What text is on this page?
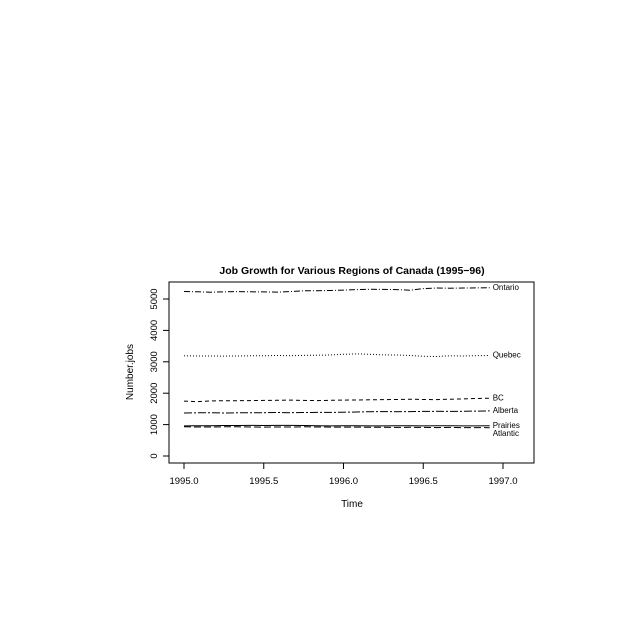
Job Growth for Various Regions of Canada (1995−96)
1995.0	1995.5	1996.0	1996.5	1997.0
0
1000
2000
3000
4000
5000
Time
Number.jobs
Ontario
Quebec
BC
Alberta
Prairies
Atlantic
